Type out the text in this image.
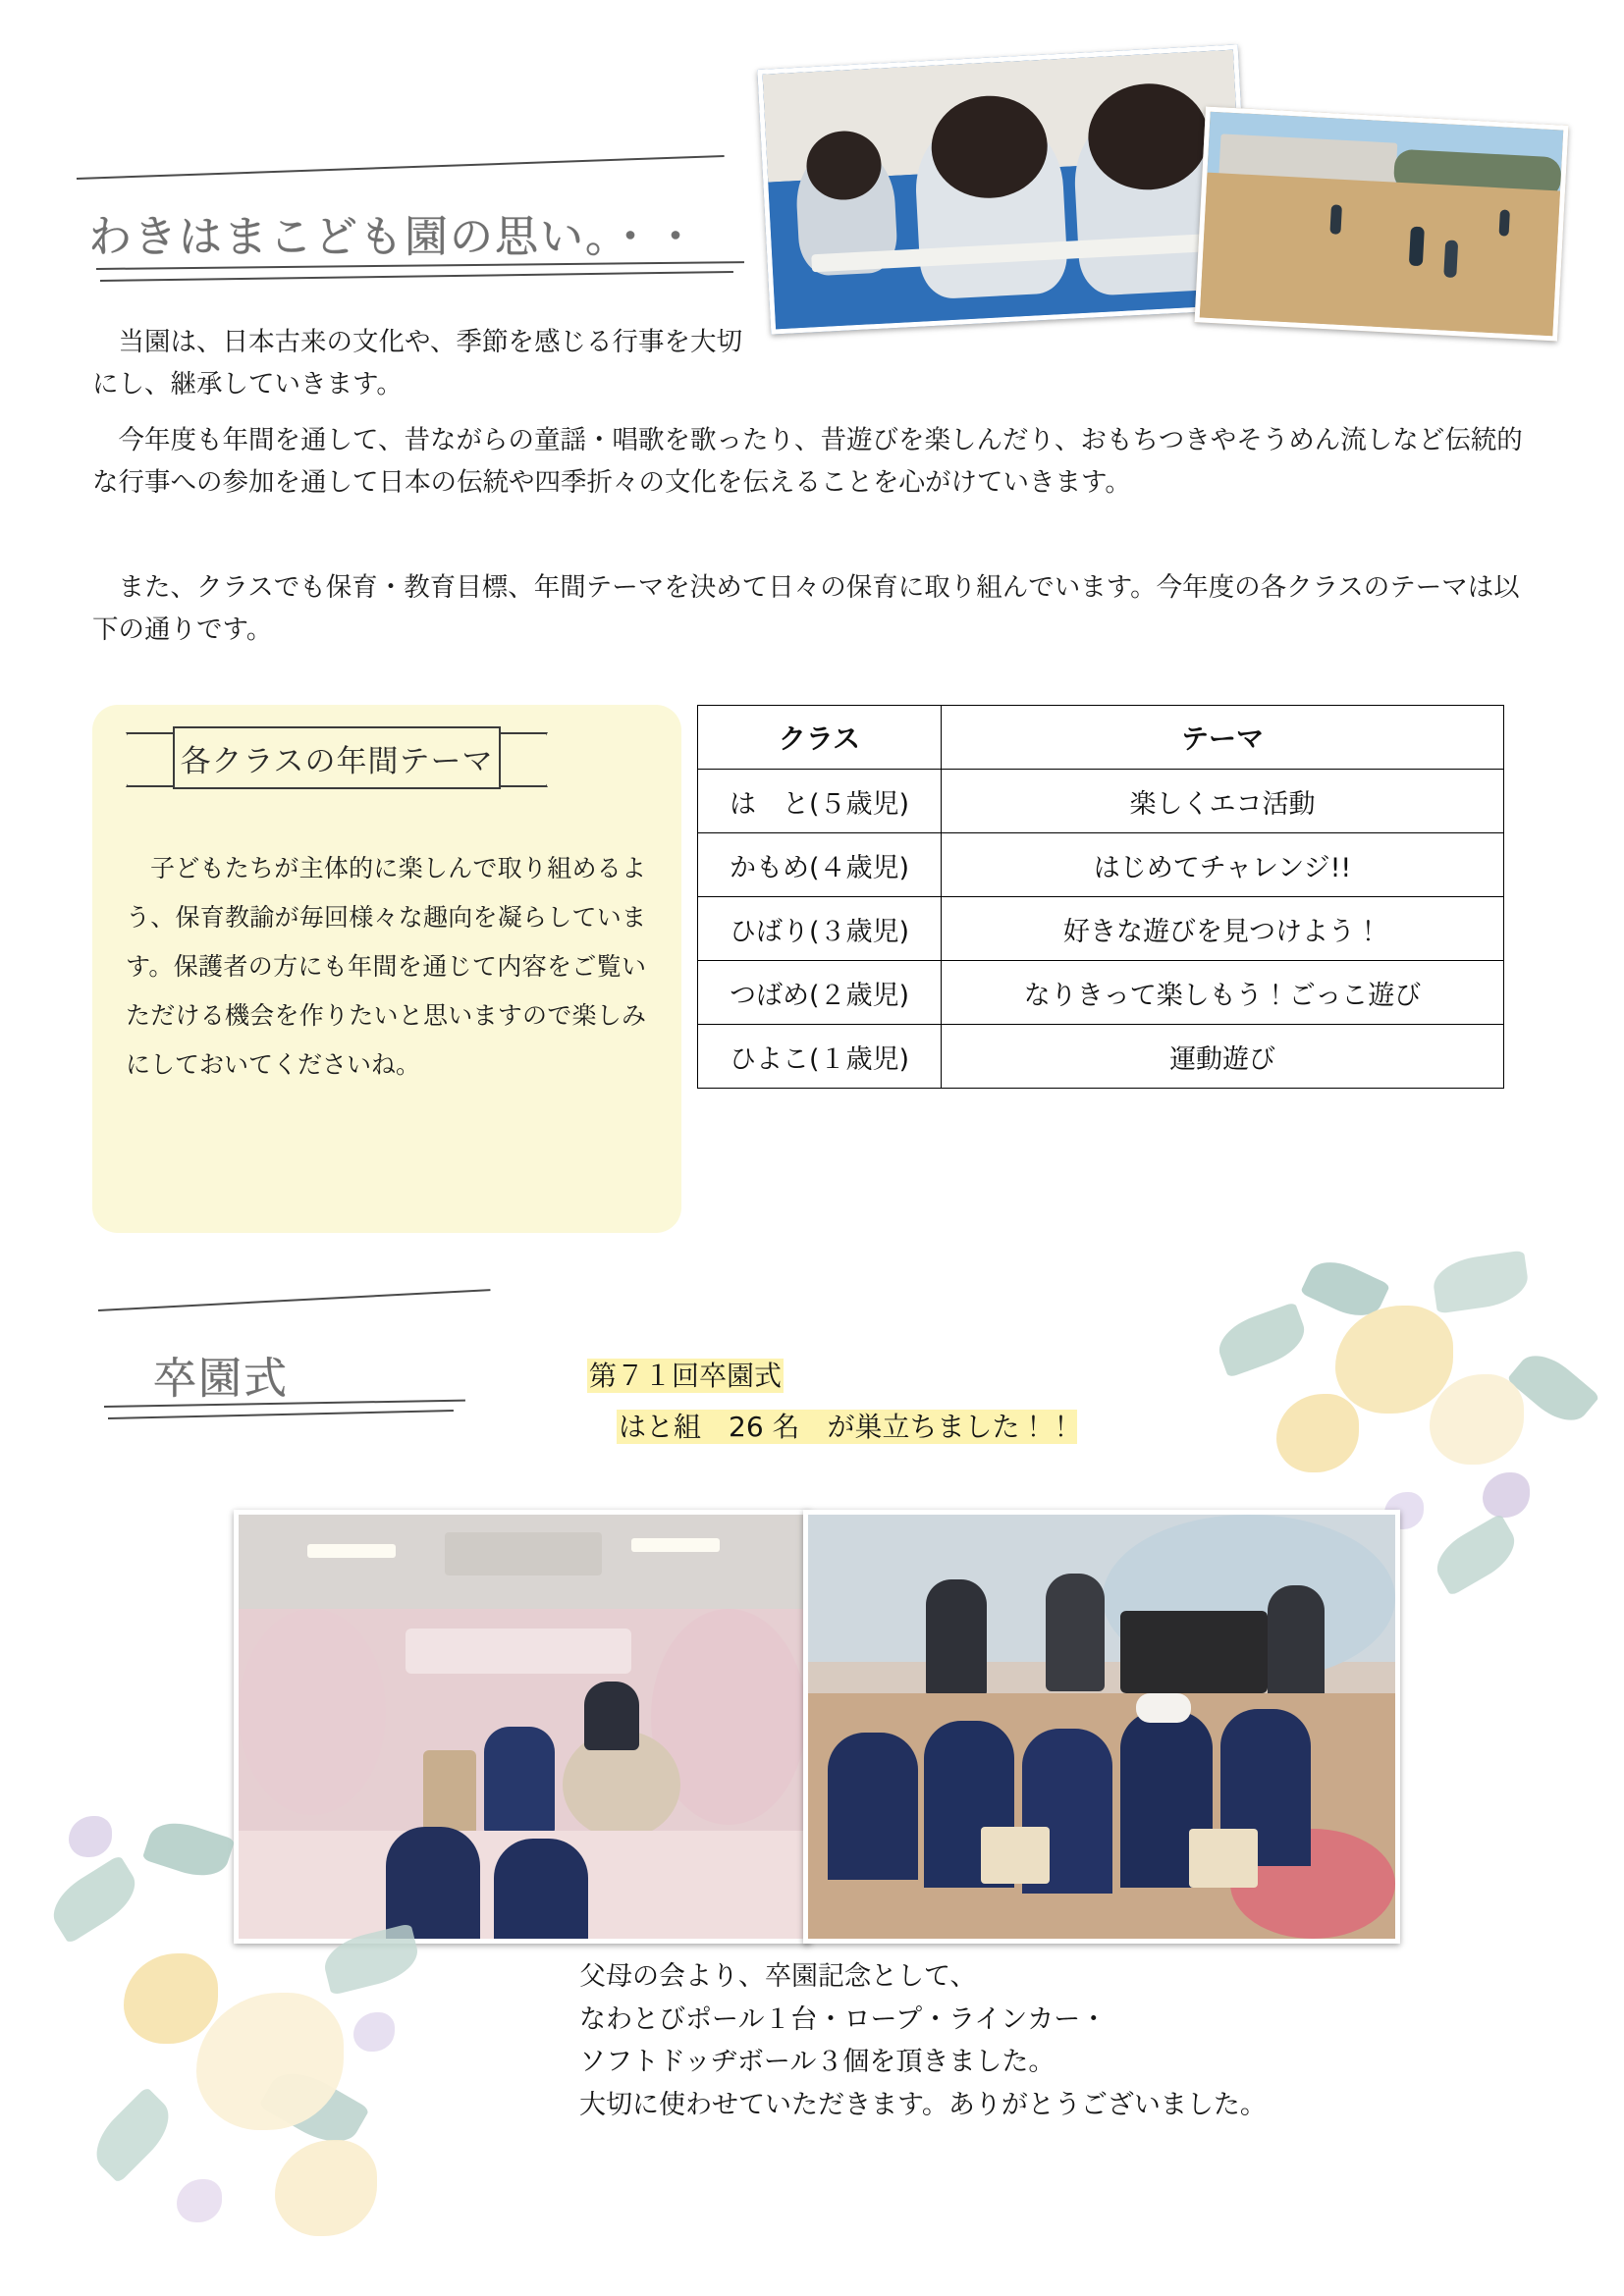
わきはまこども園の思い。・・

当園は、日本古来の文化や、季節を感じる行事を大切にし、継承していきます。

今年度も年間を通して、昔ながらの童謡・唱歌を歌ったり、昔遊びを楽しんだり、おもちつきやそうめん流しなど伝統的な行事への参加を通して日本の伝統や四季折々の文化を伝えることを心がけていきます。

また、クラスでも保育・教育目標、年間テーマを決めて日々の保育に取り組んでいます。今年度の各クラスのテーマは以下の通りです。

各クラスの年間テーマ
子どもたちが主体的に楽しんで取り組めるよう、保育教諭が毎回様々な趣向を凝らしています。保護者の方にも年間を通じて内容をご覧いただける機会を作りたいと思いますので楽しみにしておいてくださいね。
クラス	テーマ
は　と(５歳児)	楽しくエコ活動
かもめ(４歳児)	はじめてチャレンジ!!
ひばり(３歳児)	好きな遊びを見つけよう！
つばめ(２歳児)	なりきって楽しもう！ごっこ遊び
ひよこ(１歳児)	運動遊び
卒園式	第７１回卒園式
はと組　26 名　が巣立ちました！！
父母の会より、卒園記念として、
なわとびポール１台・ロープ・ラインカー・
ソフトドッヂボール３個を頂きました。
大切に使わせていただきます。ありがとうございました。
